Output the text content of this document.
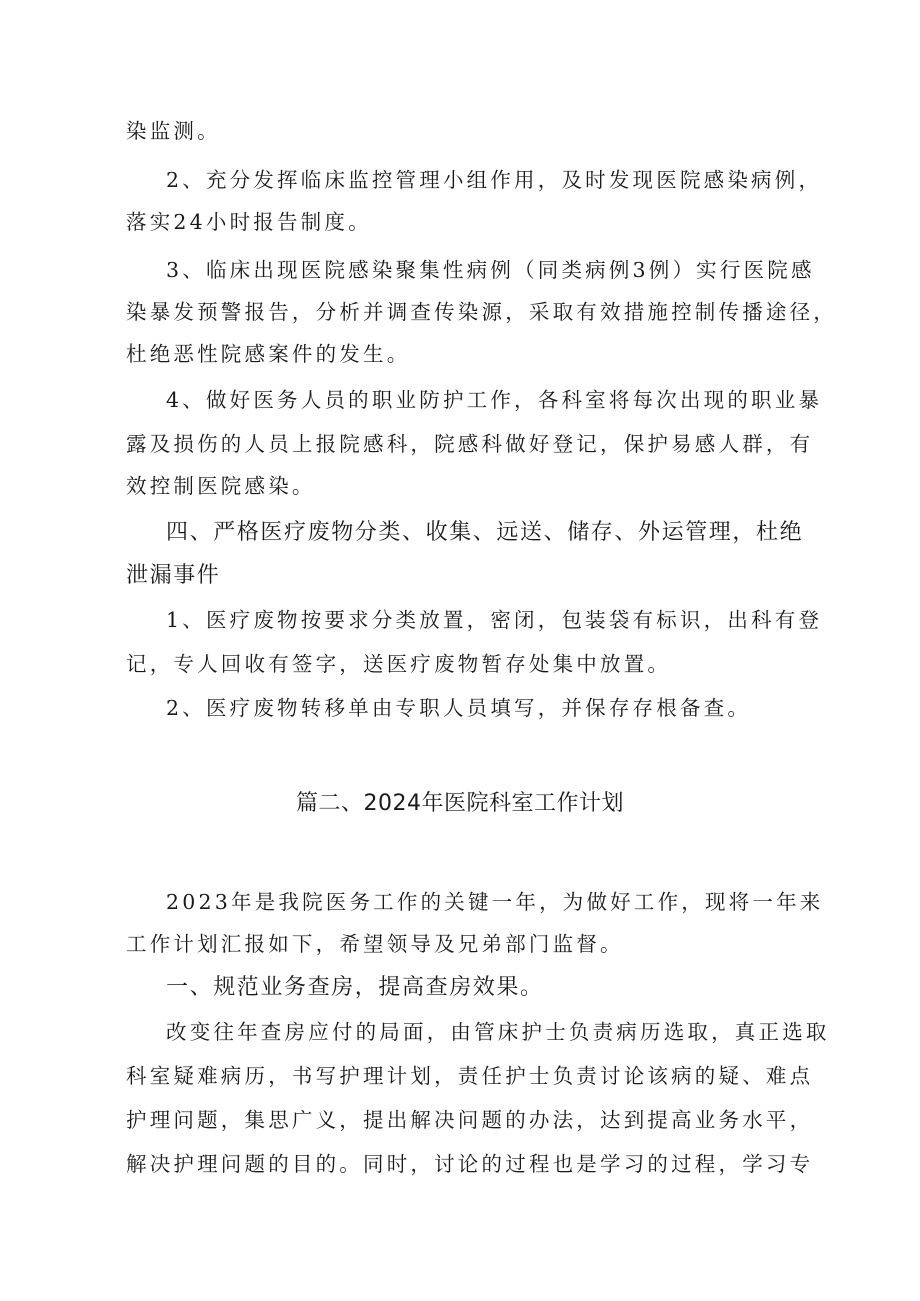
染监测。
2、充分发挥临床监控管理小组作用，及时发现医院感染病例，
落实24小时报告制度。
3、临床出现医院感染聚集性病例（同类病例3例）实行医院感
染暴发预警报告，分析并调查传染源，采取有效措施控制传播途径，
杜绝恶性院感案件的发生。
4、做好医务人员的职业防护工作，各科室将每次出现的职业暴
露及损伤的人员上报院感科，院感科做好登记，保护易感人群，有
效控制医院感染。
四、严格医疗废物分类、收集、远送、储存、外运管理，杜绝
泄漏事件
1、医疗废物按要求分类放置，密闭，包装袋有标识，出科有登
记，专人回收有签字，送医疗废物暂存处集中放置。
2、医疗废物转移单由专职人员填写，并保存存根备查。
篇二、2024年医院科室工作计划
2023年是我院医务工作的关键一年，为做好工作，现将一年来
工作计划汇报如下，希望领导及兄弟部门监督。
一、规范业务查房，提高查房效果。
改变往年查房应付的局面，由管床护士负责病历选取，真正选取
科室疑难病历，书写护理计划，责任护士负责讨论该病的疑、难点
护理问题，集思广义，提出解决问题的办法，达到提高业务水平，
解决护理问题的目的。同时，讨论的过程也是学习的过程，学习专
